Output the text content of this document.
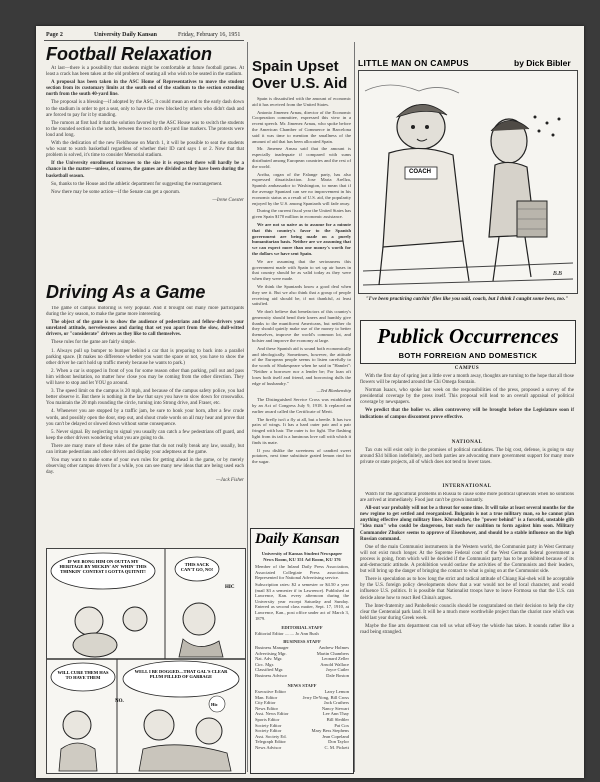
Page 2	University Daily Kansan	Friday, February 16, 1951
Football Relaxation

At last—there is a possibility that students might be comfortable at future football games. At least a crack has been taken at the old problem of seating all who wish to be seated in the stadium.

A proposal has been taken in the ASC Home of Representatives to move the student section from its customary limits at the south end of the stadium to the section extending north from the south 40-yard line.

The proposal is a blessing—if adopted by the ASC, it could mean an end to the early dash down to the stadium in order to get a seat, only to have the crew blocked by others who didn't dash and are forced to pay for it by standing.

The rumors at first had it that the solution favored by the ASC House was to switch the students to the rounded section in the north, between the two north 40-yard line markers. The protests were loud and long.

With the dedication of the new Fieldhouse on March 1, it will be possible to seat the students who want to watch basketball regardless of whether their ID card says 1 or 2. Now that that problem is solved, it's time to consider Memorial stadium.

If the University enrollment increases to the size it is expected there will hardly be a chance in the matter—unless, of course, the games are divided as they have been during the basketball season.

So, thanks to the House and the athletic department for suggesting the rearrangement.

Now there may be some action—if the Senate can get a quorum.

—Irene Coester

Driving As a Game

The game of campus motoring is very popular. And it brought out many more participants during the icy season, to make the game more interesting.

The object of the game is to show the audience of pedestrians and fellow-drivers your unrelated attitude, nervelessness and daring that set you apart from the slow, dull-witted drivers, or "considerate" drivers as they like to call themselves.

These rules for the game are fairly simple.

1. Always pull up bumper to bumper behind a car that is preparing to back into a parallel parking space. (It makes no difference whether you want the space or not, you have to show the other driver he can't hold up traffic merely because he wants to park.)

2. When a car is stopped in front of you for some reason other than parking, pull out and pass him without hesitation, no matter how close you may be coming from the other direction. They will have to stop and let YOU go around.

3. The speed limit on the campus is 20 mph, and because of the campus safety police, you had better observe it. But there is nothing in the law that says you have to slow down for crosswalks. You maintain the 20 mph rounding the circle, turning into Strong drive, and Fraser, etc.

4. Whenever you are stopped by a traffic jam, be sure to honk your horn, after a few crude words, and possibly open the door, step out, and shout crude words on all may hear and prove that you can't be delayed or slowed down without some consequence.

5. Never signal. By neglecting to signal you usually can catch a few pedestrians off guard, and keep the other drivers wondering what you are going to do.

There are many more of these rules of the game that do not really break any law, usually, but can irritate pedestrians and other drivers and display your adeptness at the game.

You may want to make some of your own rules for getting ahead in the game, or by merely observing other campus drivers for a while, you can see many new ideas that are being used each day.

—Jack Fisher

IF WE BONG HIM ON OUTTA MY HERITAGE BY MICKIN' AN' WHIN' THIS THINKIN' CONTEST I GOTTA QUITNIT!
THIS SACK CAN'T GO, NO!
WILL CURE THEM HAS TO HAVE THEM
WELL I BE DOGGED—THAT GAL'S CLEAR PLUM FILLED OF GARBAGE
HIC
NO.
Hic
Spain Upset Over U.S. Aid

Spain is dissatisfied with the amount of economic aid it has received from the United States.

Antonio Jimenez Arnau, director of the Economic Cooperation committee, expressed this view in a recent speech. Mr. Jimenez Arnau, who spoke before the American Chamber of Commerce in Barcelona said it was time to mention the smallness of the amount of aid that has been allocated Spain.

Mr. Jimenez Arnau said that the amount is especially inadequate if compared with sums distributed among European countries and the rest of the world.

Arriba, organ of the Falange party, has also expressed dissatisfaction. Jose Maria Arellza, Spanish ambassador to Washington, to mean that if the average Spaniard can see no improvement in his economic status as a result of U.S. aid, the popularity enjoyed by the U.S. among Spaniards will fade away.

During the current fiscal year the United States has given Spain $170 million in economic assistance.

We are not so naive as to assume for a minute that this country's favor to the Spanish government are being made on a purely humanitarian basis. Neither are we assuming that we can expect more than one money's worth for the dollars we have sent Spain.

We are assuming that the seriousness this government made with Spain to set up air bases in that country should be as valid today as they were when they were made.

We think the Spaniards know a good deal when they see it. But we also think that a group of people receiving aid should be, if not thankful, at least satisfied.

We don't believe that benefactors of this country's generosity should bend their knees and humbly give thanks to the munificent Americans, but neither do they should quietly make use of the money to better themselves, improve the world's common lot, and bolster and improve the economy at large.

And these Spanish aid is sound both economically and ideologically. Sometimes, however, the attitude of the European people seems to listen carefully to the words of Shakespeare when he said in "Hamlet": "Neither a borrower nor a lender be; For loan oft loses both itself and friend, and borrowing dulls the edge of husbandry."

—Ted Blankenship

The Distinguished Service Cross was established by an Act of Congress July 9, 1918. It replaced an earlier award called the Certificate of Merit.

The firefly isn't a fly at all, but a beetle. It has two pairs of wings. It has a hard outer pair and a pair fringed with hair. The outer is for fight. The flashing light from its tail is a luminous love call with which it finds its mate.

If you dislike the sweetness of candied sweet potatoes, next time substitute grated lemon rind for the sugar.

Daily Kansan
University of Kansas Student Newspaper
News Room, KU 351 Ad Room, KU 376
Member of the Inland Daily Press Association, Associated Collegiate Press association. Represented for National Advertising service.
Subscription rates: $2 a semester or $4.50 a year (mail $3 a semester if in Lawrence). Published at Lawrence, Kan. every afternoon during the University year except Saturday and Sunday. Entered as second class matter, Sept. 17, 1910, at Lawrence, Kan., post office under act of March 3, 1879.
EDITORIAL STAFF
Editorial Editor ........ Jo Ann Bush
BUSINESS STAFF
Business Manager	Andrew Holmes
Advertising Mgr.	Martin Chambers
Nat. Adv. Mgr.	Leonard Zeller
Circ. Mgr.	Arnold Wallace
Classified Mgr.	Joyce Cutler
Business Advisor	Dale Boston
NEWS STAFF
Executive Editor	Larry Lemon
Man. Editor	Jerry DeYong, Bill Cross
City Editor	Jack Cruthers
News Editor	Nancy Stewart
Asst. News Editor	Lee Ann Thay
Sports Editor	Bill Sledtler
Society Editor	Pat Cox
Society Editor	Mary Bess Stephens
Asst. Society Ed.	Jean Copeland
Telegraph Editor	Don Taylor
News Advisor	C. M. Pickett
LITTLE MAN ON CAMPUS	by Dick Bibler
COACH
B.B
"I've been practicing catchin' flies like you said, coach, but I think I caught some bees, too."
Publick Occurrences
BOTH FORREIGN AND DOMESTICK
CAMPUS

With the first day of spring just a little over a month away, thoughts are turning to the hope that all those flowers will be replanted around the Chi Omega fountain.

Norman Isaacs, who spoke last week on the responsibilities of the press, proposed a survey of the presidential coverage by the press itself. This proposal will lead to an overall appraisal of political coverage by newspapers.

We predict that the holier vs. alien controversy will be brought before the Legislature soon if indications of campus discontent prove effective.

NATIONAL

Tax cuts will exist only in the promises of political candidates. The big cost, defense, is going to stay around $34 billion indefinitely, and both parties are advocating more government support for many more private or state projects, all of which does not tend to lower taxes.

INTERNATIONAL

Watch for the agricultural problems in Russia to cause some more political upheavals when no solutions are arrived at immediately. Food just can't be grown instantly.

All-out war probably will not be a threat for some time. It will take at least several months for the new regime to get settled and reorganized. Bulganin is not a true military man, so he cannot plan anything effective along military lines. Khrushchev, the "power behind" is a forceful, unstable glib "idea man" who could be dangerous, but such for coalition to form against him soon. Military Commander Zhukov seems to approve of Eisenhower, and should be a stable influence on the high Russian command.

One of the main Communist instruments in the Western world, the Communist party in West Germany will not exist much longer. At the Supreme Federal court of the West German federal government a process is going, from which will be decided if the Communist party has to be prohibited because of its anti-democratic attitude. A prohibition would outlaw the activities of the Communists and their leaders, but will bring up the danger of bringing the contact to what is going on at the Communist side.

There is speculation as to how long the strict and radical attitude of Chiang Kai-shek will be acceptable by the U.S. foreign policy developments show that a war would not be of local character, and would influence U.S. politics. It is possible that Nationalist troops have to leave Formosa so that the U.S. can decide alone how to react Red China's argues.

The Inter-fraternity and Panhellenic councils should be congratulated on their decision to help the city clear the Centennial park land. It will be a much more worthwhile project than the chariot race which was held last year during Greek week.

Maybe the fine arts department can tell us what off-key the whistle has taken. It sounds rather like a road being strangled.
